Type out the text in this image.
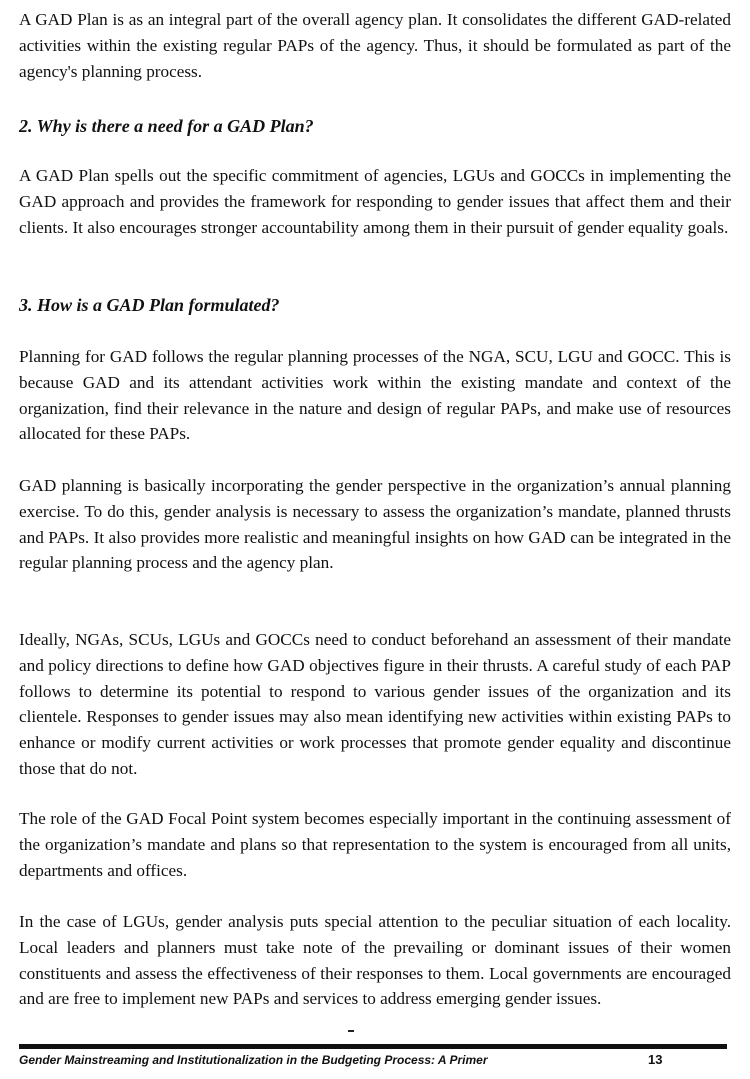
A GAD Plan is as an integral part of the overall agency plan. It consolidates the different GAD-related activities within the existing regular PAPs of the agency. Thus, it should be formulated as part of the agency's planning process.

2. Why is there a need for a GAD Plan?

A GAD Plan spells out the specific commitment of agencies, LGUs and GOCCs in implementing the GAD approach and provides the framework for responding to gender issues that affect them and their clients. It also encourages stronger accountability among them in their pursuit of gender equality goals.

3. How is a GAD Plan formulated?

Planning for GAD follows the regular planning processes of the NGA, SCU, LGU and GOCC. This is because GAD and its attendant activities work within the existing mandate and context of the organization, find their relevance in the nature and design of regular PAPs, and make use of resources allocated for these PAPs.

GAD planning is basically incorporating the gender perspective in the organization’s annual planning exercise. To do this, gender analysis is necessary to assess the organization’s mandate, planned thrusts and PAPs. It also provides more realistic and meaningful insights on how GAD can be integrated in the regular planning process and the agency plan.

Ideally, NGAs, SCUs, LGUs and GOCCs need to conduct beforehand an assessment of their mandate and policy directions to define how GAD objectives figure in their thrusts. A careful study of each PAP follows to determine its potential to respond to various gender issues of the organization and its clientele. Responses to gender issues may also mean identifying new activities within existing PAPs to enhance or modify current activities or work processes that promote gender equality and discontinue those that do not.

The role of the GAD Focal Point system becomes especially important in the continuing assessment of the organization’s mandate and plans so that representation to the system is encouraged from all units, departments and offices.

In the case of LGUs, gender analysis puts special attention to the peculiar situation of each locality. Local leaders and planners must take note of the prevailing or dominant issues of their women constituents and assess the effectiveness of their responses to them. Local governments are encouraged and are free to implement new PAPs and services to address emerging gender issues.

Gender Mainstreaming and Institutionalization in the Budgeting Process: A Primer	13
